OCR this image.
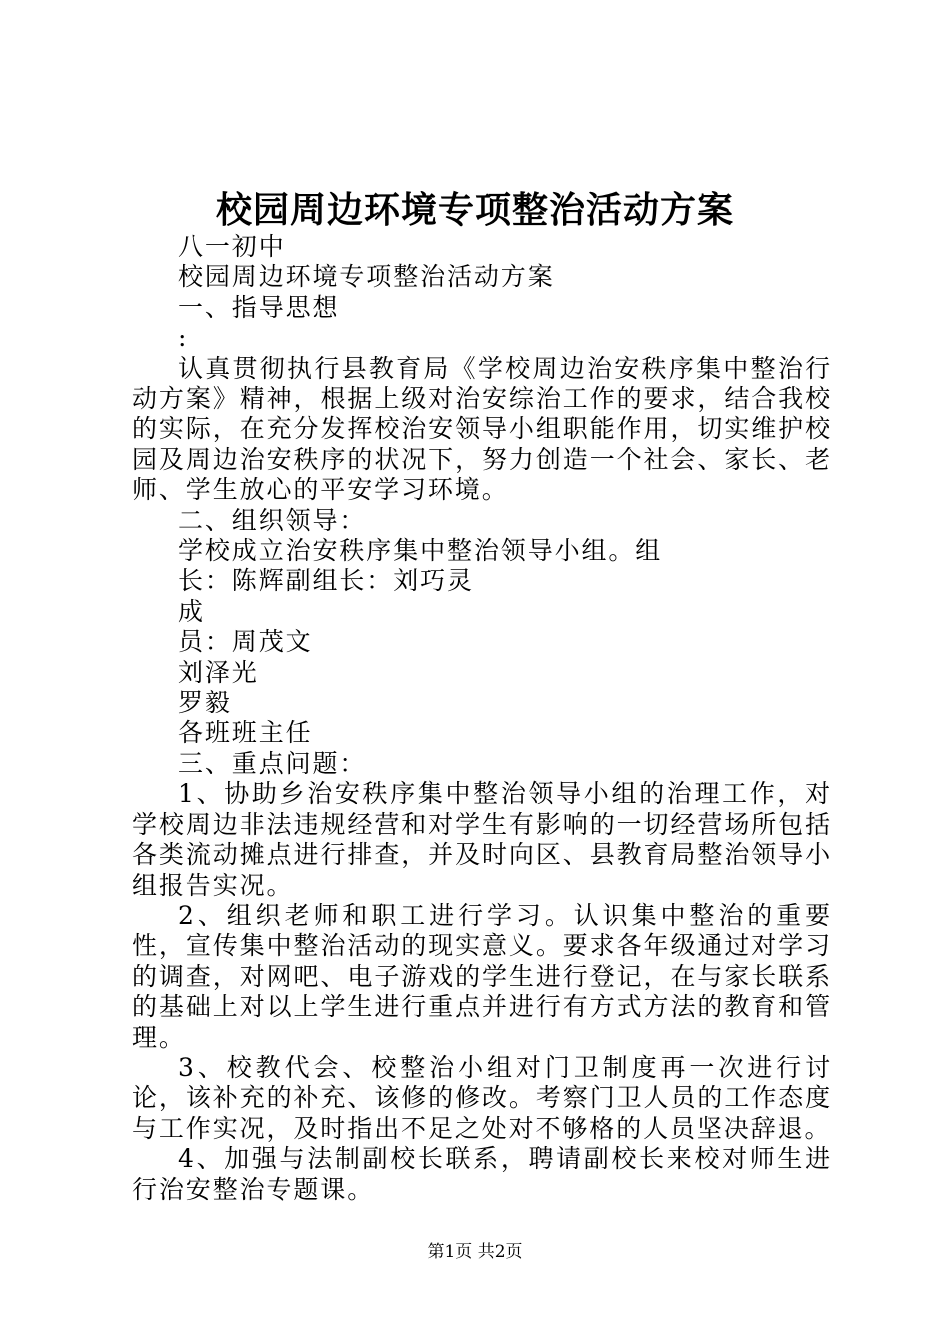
校园周边环境专项整治活动方案
八一初中
校园周边环境专项整治活动方案
一、指导思想
:

认真贯彻执行县教育局《学校周边治安秩序集中整治行动方案》精神，根据上级对治安综治工作的要求，结合我校的实际，在充分发挥校治安领导小组职能作用，切实维护校园及周边治安秩序的状况下，努力创造一个社会、家长、老师、学生放心的平安学习环境。

二、组织领导：
学校成立治安秩序集中整治领导小组。组
长：陈辉副组长：刘巧灵
成
员：周茂文
刘泽光
罗毅
各班班主任
三、重点问题：

1、协助乡治安秩序集中整治领导小组的治理工作，对学校周边非法违规经营和对学生有影响的一切经营场所包括各类流动摊点进行排查，并及时向区、县教育局整治领导小组报告实况。

2、组织老师和职工进行学习。认识集中整治的重要性，宣传集中整治活动的现实意义。要求各年级通过对学习的调查，对网吧、电子游戏的学生进行登记，在与家长联系的基础上对以上学生进行重点并进行有方式方法的教育和管理。

3、校教代会、校整治小组对门卫制度再一次进行讨论，该补充的补充、该修的修改。考察门卫人员的工作态度与工作实况，及时指出不足之处对不够格的人员坚决辞退。

4、加强与法制副校长联系，聘请副校长来校对师生进行治安整治专题课。

第1页 共2页
